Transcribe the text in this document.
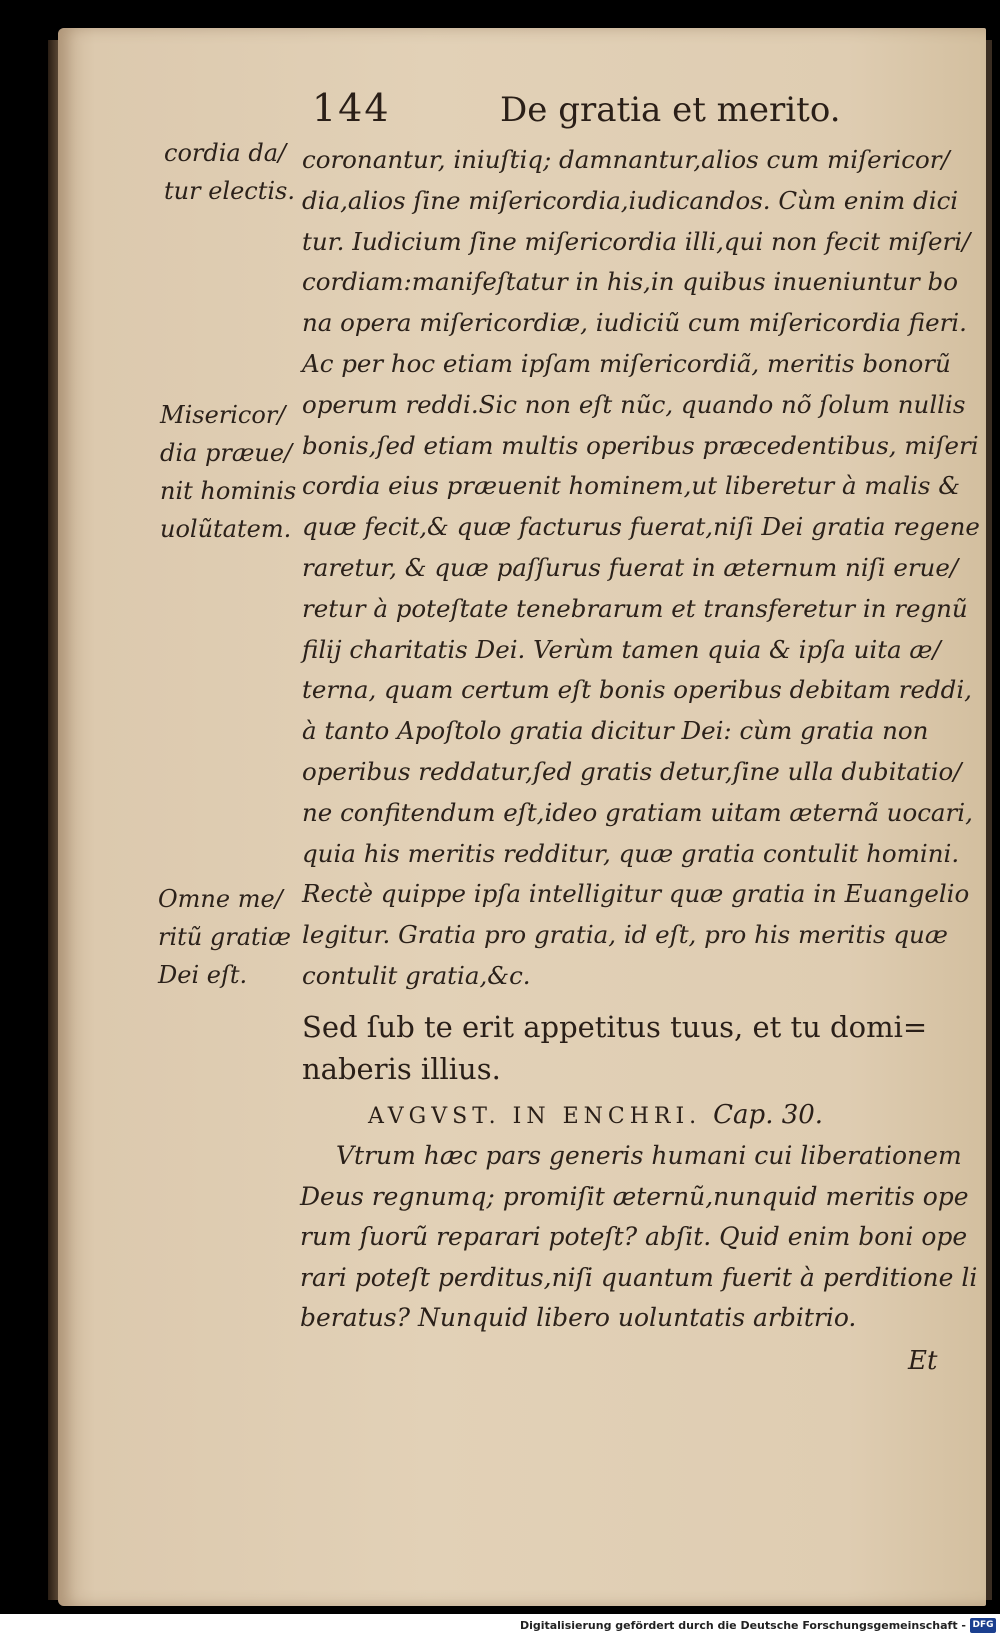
144	De gratia et merito.
cordia da/
tur electis.
Misericor/
dia præue/
nit hominis
uolũtatem.
Omne me/
ritũ gratiæ
Dei eſt.
coronantur, iniuſtiq; damnantur,alios cum miſericor/
dia,alios ſine miſericordia,iudicandos. Cùm enim dici
tur. Iudicium ſine miſericordia illi,qui non fecit miſeri/
cordiam:manifeſtatur in his,in quibus inueniuntur bo
na opera miſericordiæ, iudiciũ cum miſericordia fieri.
Ac per hoc etiam ipſam miſericordiã, meritis bonorũ
operum reddi.Sic non eſt nũc, quando nõ ſolum nullis
bonis,ſed etiam multis operibus præcedentibus, miſeri
cordia eius præuenit hominem,ut liberetur à malis &
quæ fecit,& quæ facturus fuerat,niſi Dei gratia regene
raretur, & quæ paſſurus fuerat in æternum niſi erue/
retur à poteſtate tenebrarum et transferetur in regnũ
filij charitatis Dei. Verùm tamen quia & ipſa uita æ/
terna, quam certum eſt bonis operibus debitam reddi,
à tanto Apoſtolo gratia dicitur Dei: cùm gratia non
operibus reddatur,ſed gratis detur,ſine ulla dubitatio/
ne confitendum eſt,ideo gratiam uitam æternã uocari,
quia his meritis redditur, quæ gratia contulit homini.
Rectè quippe ipſa intelligitur quæ gratia in Euangelio
legitur. Gratia pro gratia, id eſt, pro his meritis quæ
contulit gratia,&c.
Sed ſub te erit appetitus tuus, et tu domi=
naberis illius.
AVGVST. IN ENCHRI. Cap. 30.
Vtrum hæc pars generis humani cui liberationem
Deus regnumq; promiſit æternũ,nunquid meritis ope
rum ſuorũ reparari poteſt? abſit. Quid enim boni ope
rari poteſt perditus,niſi quantum fuerit à perditione li
beratus? Nunquid libero uoluntatis arbitrio.
Et
Digitalisierung gefördert durch die Deutsche Forschungsgemeinschaft - DFG
